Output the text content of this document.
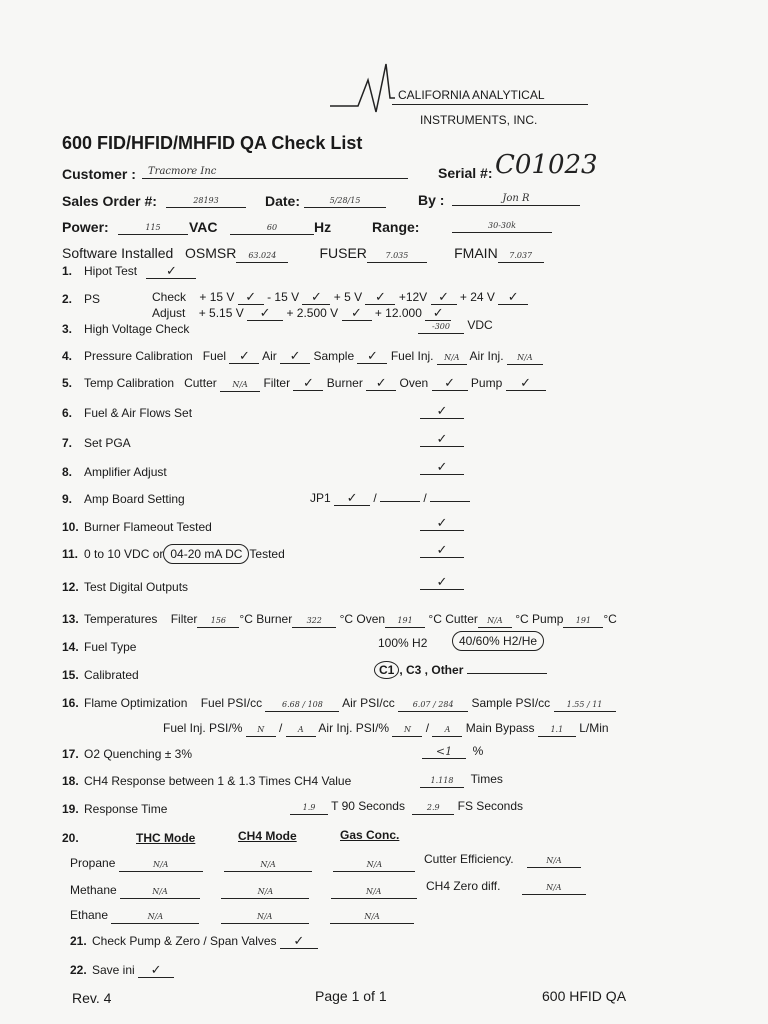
CALIFORNIA ANALYTICAL
INSTRUMENTS, INC.
600 FID/HFID/MHFID QA Check List
Customer :	Tracmore Inc	Serial #: C01023
Sales Order #:	28193	Date:	5/28/15	By :	Jon R
Power:	115	VAC	60	Hz	Range:	30-30k
Software Installed OSMSR 63.024	FUSER 7.035	FMAIN 7.037
1. Hipot Test ✓
2. PS	Check + 15 V ✓ - 15 V ✓ + 5 V ✓ +12V ✓ + 24 V ✓
Adjust + 5.15 V ✓ + 2.500 V ✓ + 12.000 ✓
3. High Voltage Check	-300 VDC
4. Pressure Calibration Fuel ✓ Air ✓ Sample ✓ Fuel Inj. N/A Air Inj. N/A
5. Temp Calibration Cutter N/A Filter ✓ Burner ✓ Oven ✓ Pump ✓
6. Fuel & Air Flows Set	✓
7. Set PGA	✓
8. Amplifier Adjust	✓
9. Amp Board Setting	JP1 ✓ /	/
10. Burner Flameout Tested	✓
11. 0 to 10 VDC or 04-20 mA DC Tested	✓
12. Test Digital Outputs	✓
13. Temperatures Filter 156 °C Burner 322 °C Oven 191 °C Cutter N/A °C Pump 191 °C
14. Fuel Type	100% H2	40/60% H2/He
15. Calibrated	C1 , C3 , Other
16. Flame Optimization Fuel PSI/cc 6.68 / 108 Air PSI/cc 6.07 / 284 Sample PSI/cc 1.55 / 11
Fuel Inj. PSI/% N / A Air Inj. PSI/% N / A Main Bypass 1.1 L/Min
17. O2 Quenching ± 3%	<1 %
18. CH4 Response between 1 & 1.3 Times CH4 Value	1.118 Times
19. Response Time	1.9 T 90 Seconds	2.9 FS Seconds
20.	THC Mode	CH4 Mode	Gas Conc.
Propane	N/A	N/A	N/A	Cutter Efficiency.	N/A
Methane	N/A	N/A	N/A	CH4 Zero diff.	N/A
Ethane	N/A	N/A	N/A
21. Check Pump & Zero / Span Valves ✓
22. Save ini ✓
Rev. 4	Page 1 of 1	600 HFID QA
